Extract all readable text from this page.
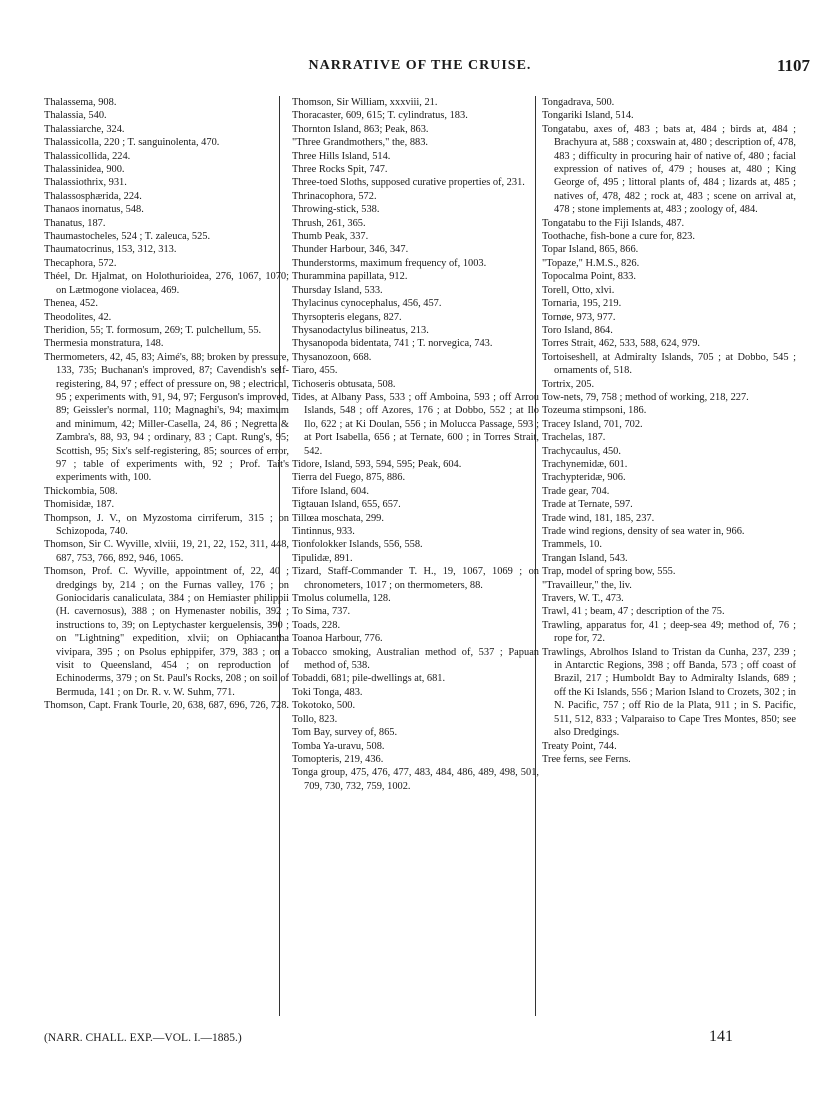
NARRATIVE OF THE CRUISE.	1107
Thalassema, 908.
Thalassia, 540.
Thalassiarche, 324.
Thalassicolla, 220 ; T. sanguinolenta, 470.
Thalassicollida, 224.
Thalassinidea, 900.
Thalassiothrix, 931.
Thalassosphærida, 224.
Thanaos inornatus, 548.
Thanatus, 187.
Thaumastocheles, 524 ; T. zaleuca, 525.
Thaumatocrinus, 153, 312, 313.
Thecaphora, 572.
Théel, Dr. Hjalmat, on Holothurioidea, 276, 1067, 1070; on Lætmogone violacea, 469.
Thenea, 452.
Theodolites, 42.
Theridion, 55; T. formosum, 269; T. pulchellum, 55.
Thermesia monstratura, 148.
Thermometers, 42, 45, 83; Aimé's, 88; broken by pressure, 133, 735; Buchanan's improved, 87; Cavendish's self-registering, 84, 97 ; effect of pressure on, 98 ; electrical, 95 ; experiments with, 91, 94, 97; Ferguson's improved, 89; Geissler's normal, 110; Magnaghi's, 94; maximum and minimum, 42; Miller-Casella, 24, 86 ; Negretta & Zambra's, 88, 93, 94 ; ordinary, 83 ; Capt. Rung's, 95; Scottish, 95; Six's self-registering, 85; sources of error, 97 ; table of experiments with, 92 ; Prof. Tait's experiments with, 100.
Thickombia, 508.
Thomisidæ, 187.
Thompson, J. V., on Myzostoma cirriferum, 315 ; on Schizopoda, 740.
Thomson, Sir C. Wyville, xlviii, 19, 21, 22, 152, 311, 448, 687, 753, 766, 892, 946, 1065.
Thomson, Prof. C. Wyville, appointment of, 22, 40 ; dredgings by, 214 ; on the Furnas valley, 176 ; on Goniocidaris canaliculata, 384 ; on Hemiaster philippii (H. cavernosus), 388 ; on Hymenaster nobilis, 392 ; instructions to, 39; on Leptychaster kerguelensis, 390 ; on "Lightning" expedition, xlvii; on Ophiacantha vivipara, 395 ; on Psolus ephippifer, 379, 383 ; on a visit to Queensland, 454 ; on reproduction of Echinoderms, 379 ; on St. Paul's Rocks, 208 ; on soil of Bermuda, 141 ; on Dr. R. v. W. Suhm, 771.
Thomson, Capt. Frank Tourle, 20, 638, 687, 696, 726, 728.
Thomson, Sir William, xxxviii, 21.
Thoracaster, 609, 615; T. cylindratus, 183.
Thornton Island, 863; Peak, 863.
"Three Grandmothers," the, 883.
Three Hills Island, 514.
Three Rocks Spit, 747.
Three-toed Sloths, supposed curative properties of, 231.
Thrinacophora, 572.
Throwing-stick, 538.
Thrush, 261, 365.
Thumb Peak, 337.
Thunder Harbour, 346, 347.
Thunderstorms, maximum frequency of, 1003.
Thurammina papillata, 912.
Thursday Island, 533.
Thylacinus cynocephalus, 456, 457.
Thyrsopteris elegans, 827.
Thysanodactylus bilineatus, 213.
Thysanopoda bidentata, 741 ; T. norvegica, 743.
Thysanozoon, 668.
Tiaro, 455.
Tichoseris obtusata, 508.
Tides, at Albany Pass, 533 ; off Amboina, 593 ; off Arrou Islands, 548 ; off Azores, 176 ; at Dobbo, 552 ; at Ilo Ilo, 622 ; at Ki Doulan, 556 ; in Molucca Passage, 593 ; at Port Isabella, 656 ; at Ternate, 600 ; in Torres Strait, 542.
Tidore, Island, 593, 594, 595; Peak, 604.
Tierra del Fuego, 875, 886.
Tifore Island, 604.
Tigtauan Island, 655, 657.
Tillœa moschata, 299.
Tintinnus, 933.
Tionfolokker Islands, 556, 558.
Tipulidæ, 891.
Tizard, Staff-Commander T. H., 19, 1067, 1069 ; on chronometers, 1017 ; on thermometers, 88.
Tmolus columella, 128.
To Sima, 737.
Toads, 228.
Toanoa Harbour, 776.
Tobacco smoking, Australian method of, 537 ; Papuan method of, 538.
Tobaddi, 681; pile-dwellings at, 681.
Toki Tonga, 483.
Tokotoko, 500.
Tollo, 823.
Tom Bay, survey of, 865.
Tomba Ya-uravu, 508.
Tomopteris, 219, 436.
Tonga group, 475, 476, 477, 483, 484, 486, 489, 498, 501, 709, 730, 732, 759, 1002.
Tongadrava, 500.
Tongariki Island, 514.
Tongatabu, axes of, 483 ; bats at, 484 ; birds at, 484 ; Brachyura at, 588 ; coxswain at, 480 ; description of, 478, 483 ; difficulty in procuring hair of native of, 480 ; facial expression of natives of, 479 ; houses at, 480 ; King George of, 495 ; littoral plants of, 484 ; lizards at, 485 ; natives of, 478, 482 ; rock at, 483 ; scene on arrival at, 478 ; stone implements at, 483 ; zoology of, 484.
Tongatabu to the Fiji Islands, 487.
Toothache, fish-bone a cure for, 823.
Topar Island, 865, 866.
"Topaze," H.M.S., 826.
Topocalma Point, 833.
Torell, Otto, xlvi.
Tornaria, 195, 219.
Tornøe, 973, 977.
Toro Island, 864.
Torres Strait, 462, 533, 588, 624, 979.
Tortoiseshell, at Admiralty Islands, 705 ; at Dobbo, 545 ; ornaments of, 518.
Tortrix, 205.
Tow-nets, 79, 758 ; method of working, 218, 227.
Tozeuma stimpsoni, 186.
Tracey Island, 701, 702.
Trachelas, 187.
Trachycaulus, 450.
Trachynemidæ, 601.
Trachypteridæ, 906.
Trade gear, 704.
Trade at Ternate, 597.
Trade wind, 181, 185, 237.
Trade wind regions, density of sea water in, 966.
Trammels, 10.
Trangan Island, 543.
Trap, model of spring bow, 555.
"Travailleur," the, liv.
Travers, W. T., 473.
Trawl, 41 ; beam, 47 ; description of the 75.
Trawling, apparatus for, 41 ; deep-sea 49; method of, 76 ; rope for, 72.
Trawlings, Abrolhos Island to Tristan da Cunha, 237, 239 ; in Antarctic Regions, 398 ; off Banda, 573 ; off coast of Brazil, 217 ; Humboldt Bay to Admiralty Islands, 689 ; off the Ki Islands, 556 ; Marion Island to Crozets, 302 ; in N. Pacific, 757 ; off Rio de la Plata, 911 ; in S. Pacific, 511, 512, 833 ; Valparaiso to Cape Tres Montes, 850; see also Dredgings.
Treaty Point, 744.
Tree ferns, see Ferns.
(NARR. CHALL. EXP.—VOL. I.—1885.)	141
